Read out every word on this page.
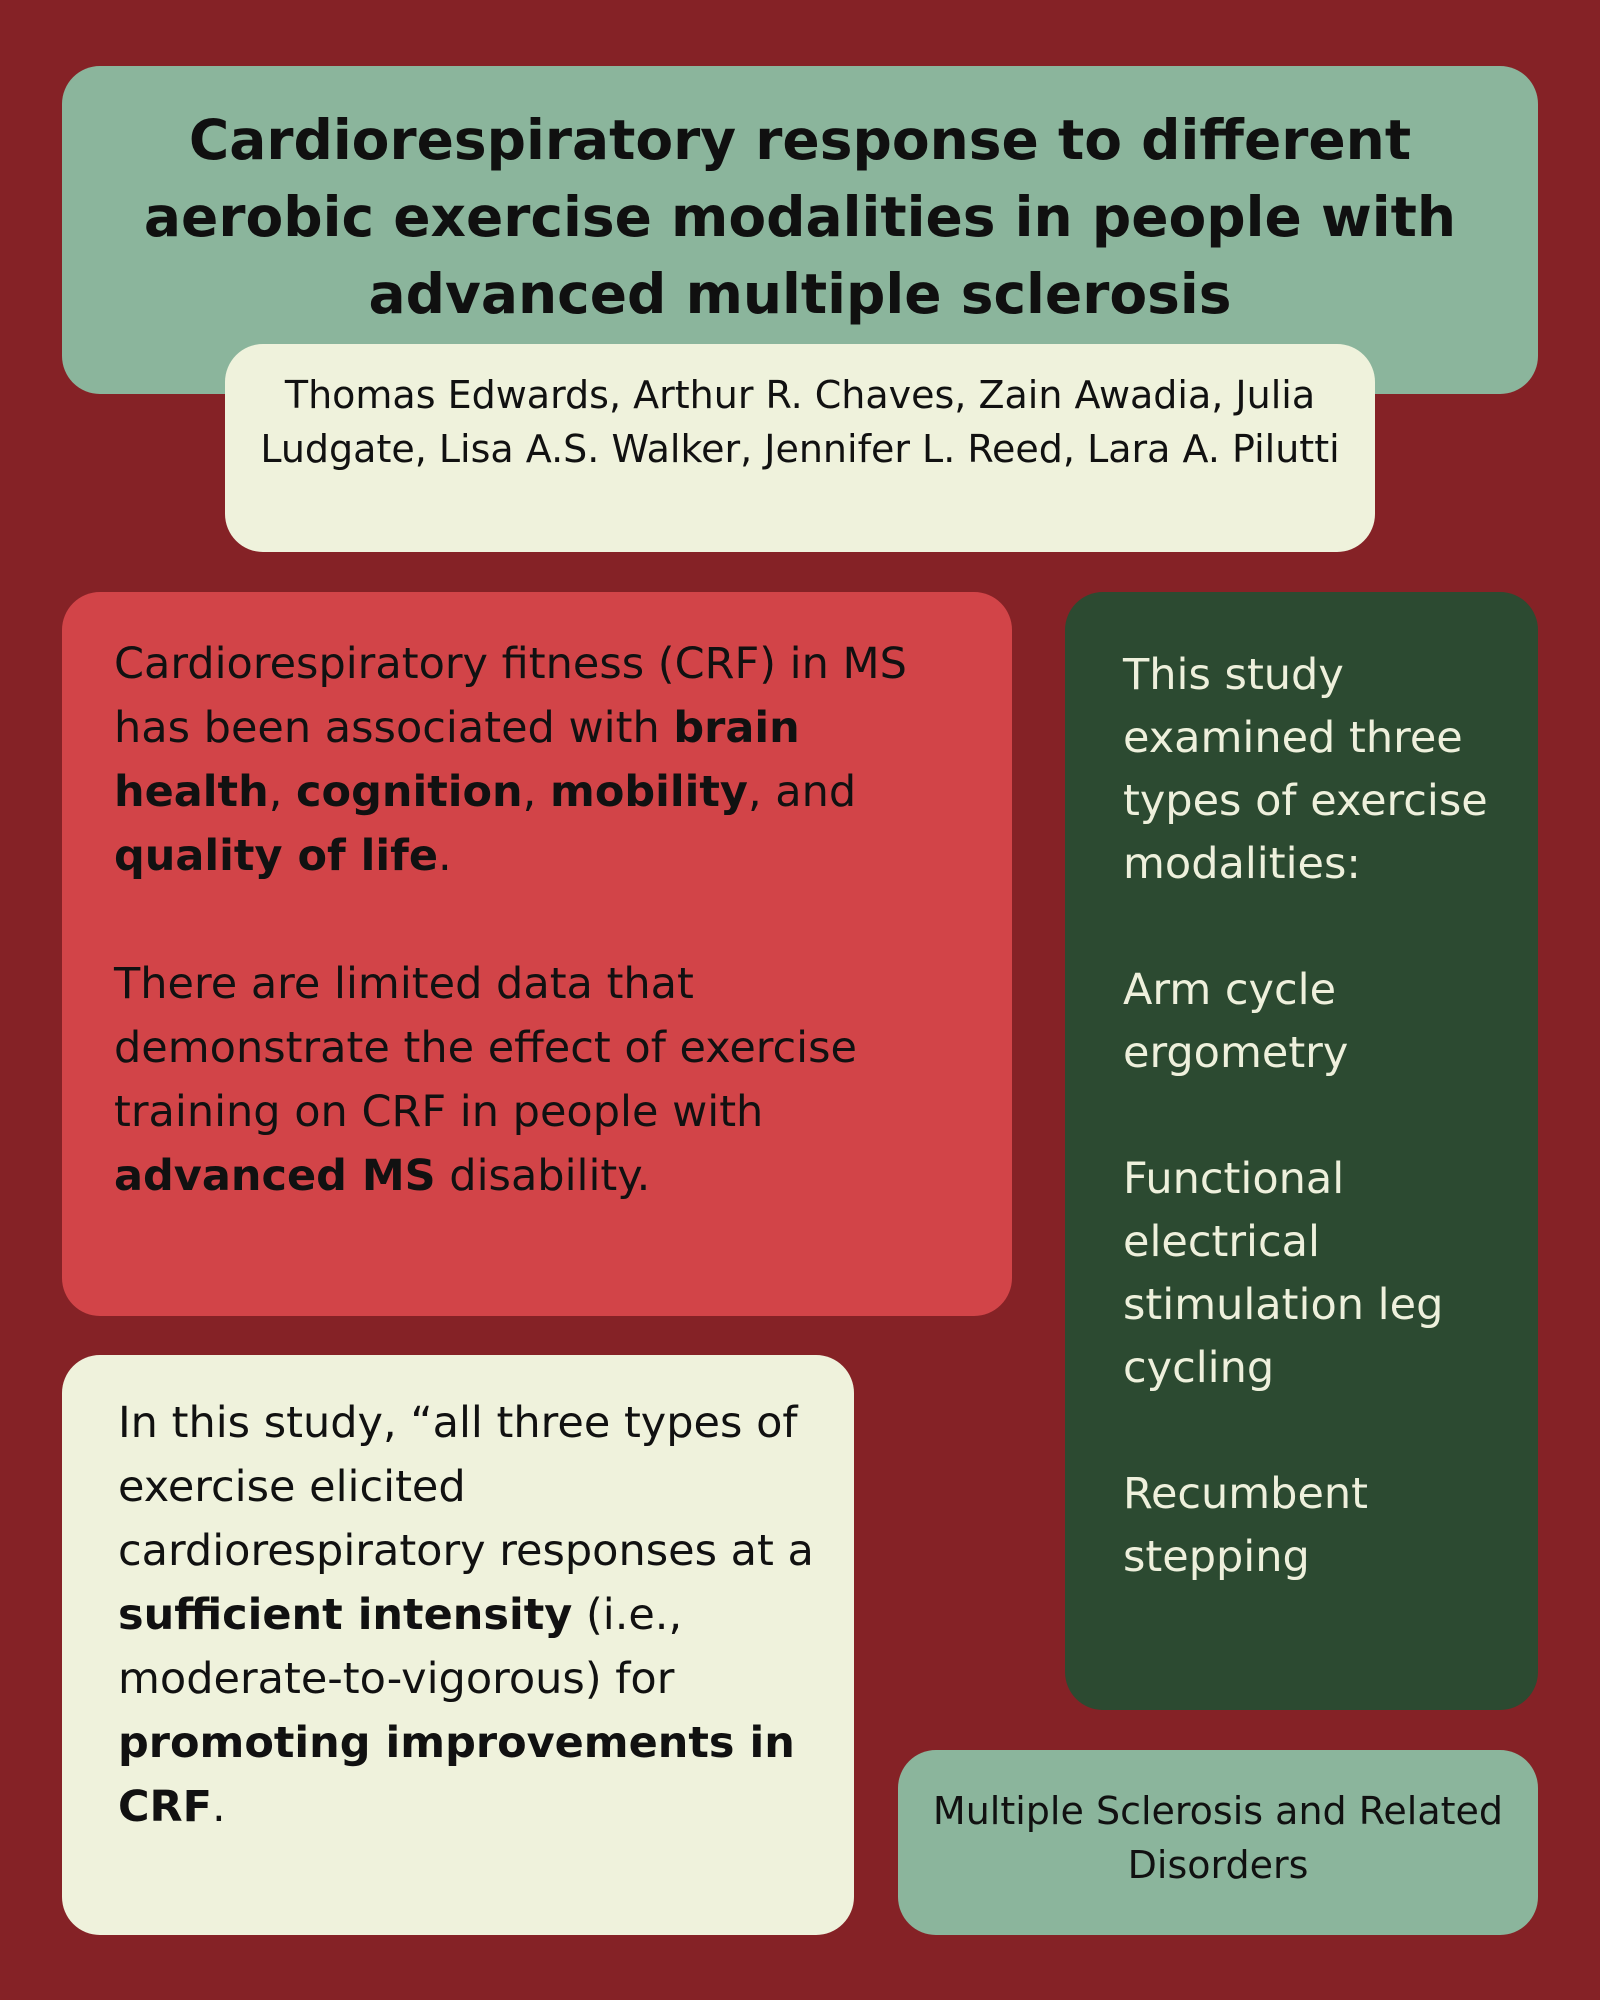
Cardiorespiratory response to different aerobic exercise modalities in people with advanced multiple sclerosis

Thomas Edwards, Arthur R. Chaves, Zain Awadia, Julia Ludgate, Lisa A.S. Walker, Jennifer L. Reed, Lara A. Pilutti

Cardiorespiratory fitness (CRF) in MS has been associated with brain health, cognition, mobility, and quality of life.

There are limited data that demonstrate the effect of exercise training on CRF in people with advanced MS disability.

This study examined three types of exercise modalities:

Arm cycle ergometry

Functional electrical stimulation leg cycling

Recumbent stepping

In this study, “all three types of exercise elicited cardiorespiratory responses at a sufficient intensity (i.e., moderate-to-vigorous) for promoting improvements in CRF.	Multiple Sclerosis and Related Disorders
